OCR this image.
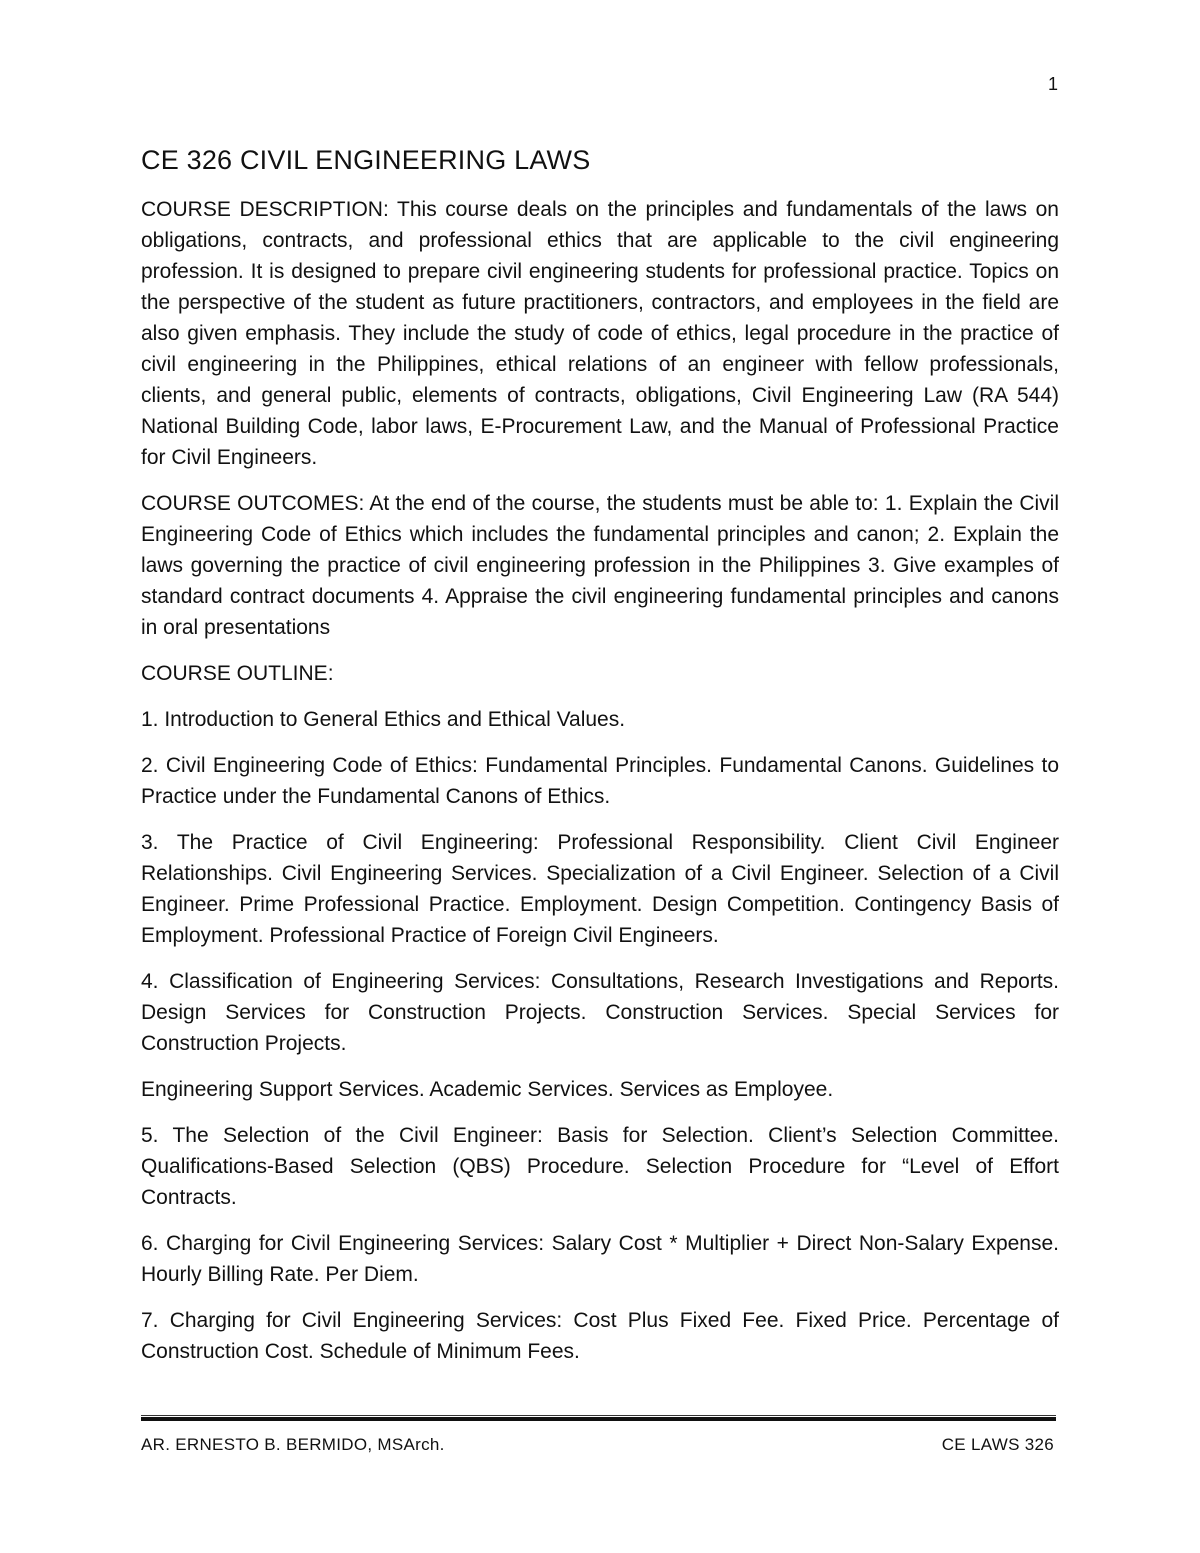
1
CE 326 CIVIL ENGINEERING LAWS

COURSE DESCRIPTION: This course deals on the principles and fundamentals of the laws on obligations, contracts, and professional ethics that are applicable to the civil engineering profession. It is designed to prepare civil engineering students for professional practice. Topics on the perspective of the student as future practitioners, contractors, and employees in the field are also given emphasis. They include the study of code of ethics, legal procedure in the practice of civil engineering in the Philippines, ethical relations of an engineer with fellow professionals, clients, and general public, elements of contracts, obligations, Civil Engineering Law (RA 544) National Building Code, labor laws, E-Procurement Law, and the Manual of Professional Practice for Civil Engineers.

COURSE OUTCOMES: At the end of the course, the students must be able to: 1. Explain the Civil Engineering Code of Ethics which includes the fundamental principles and canon; 2. Explain the laws governing the practice of civil engineering profession in the Philippines 3. Give examples of standard contract documents 4. Appraise the civil engineering fundamental principles and canons in oral presentations

COURSE OUTLINE:

1. Introduction to General Ethics and Ethical Values.

2. Civil Engineering Code of Ethics: Fundamental Principles. Fundamental Canons. Guidelines to Practice under the Fundamental Canons of Ethics.

3. The Practice of Civil Engineering: Professional Responsibility. Client Civil Engineer Relationships. Civil Engineering Services. Specialization of a Civil Engineer. Selection of a Civil Engineer. Prime Professional Practice. Employment. Design Competition. Contingency Basis of Employment. Professional Practice of Foreign Civil Engineers.

4. Classification of Engineering Services: Consultations, Research Investigations and Reports. Design Services for Construction Projects. Construction Services. Special Services for Construction Projects.

Engineering Support Services. Academic Services. Services as Employee.

5. The Selection of the Civil Engineer: Basis for Selection. Client’s Selection Committee. Qualifications-Based Selection (QBS) Procedure. Selection Procedure for “Level of Effort Contracts.

6. Charging for Civil Engineering Services: Salary Cost * Multiplier + Direct Non-Salary Expense. Hourly Billing Rate. Per Diem.

7. Charging for Civil Engineering Services: Cost Plus Fixed Fee. Fixed Price. Percentage of Construction Cost. Schedule of Minimum Fees.

AR. ERNESTO B. BERMIDO, MSArch.	CE LAWS 326
